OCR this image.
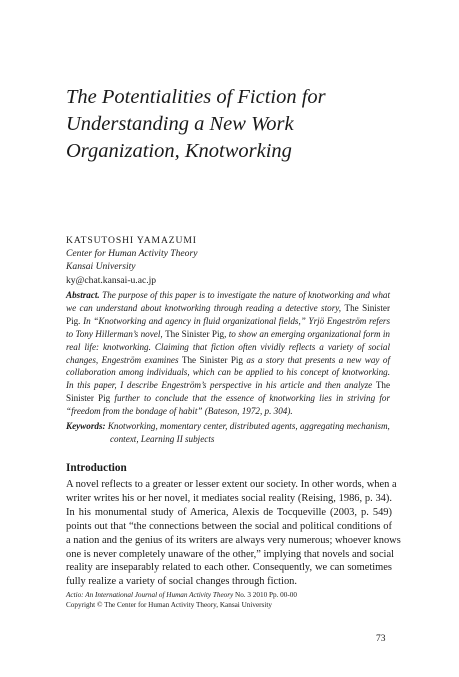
The Potentialities of Fiction for
Understanding a New Work
Organization, Knotworking
KATSUTOSHI YAMAZUMI
Center for Human Activity Theory
Kansai University
ky@chat.kansai-u.ac.jp
Abstract. The purpose of this paper is to investigate the nature of knotworking and what we can understand about knotworking through reading a detective story, The Sinister Pig. In “Knotworking and agency in fluid organizational fields,” Yrjö Engeström refers to Tony Hillerman’s novel, The Sinister Pig, to show an emerging organizational form in real life: knotworking. Claiming that fiction often vividly reflects a variety of social changes, Engeström examines The Sinister Pig as a story that presents a new way of collaboration among individuals, which can be applied to his concept of knotworking. In this paper, I describe Engeström’s perspective in his article and then analyze The Sinister Pig further to conclude that the essence of knotworking lies in striving for “freedom from the bondage of habit” (Bateson, 1972, p. 304).
Keywords: Knotworking, momentary center, distributed agents, aggregating mechanism,
context, Learning II subjects
Introduction
A novel reflects to a greater or lesser extent our society. In other words, when a
writer writes his or her novel, it mediates social reality (Reising, 1986, p. 34).
In his monumental study of America, Alexis de Tocqueville (2003, p. 549)
points out that “the connections between the social and political conditions of
a nation and the genius of its writers are always very numerous; whoever knows
one is never completely unaware of the other,” implying that novels and social
reality are inseparably related to each other. Consequently, we can sometimes
fully realize a variety of social changes through fiction.
Actio: An International Journal of Human Activity Theory No. 3 2010 Pp. 00-00
Copyright © The Center for Human Activity Theory, Kansai University
73
